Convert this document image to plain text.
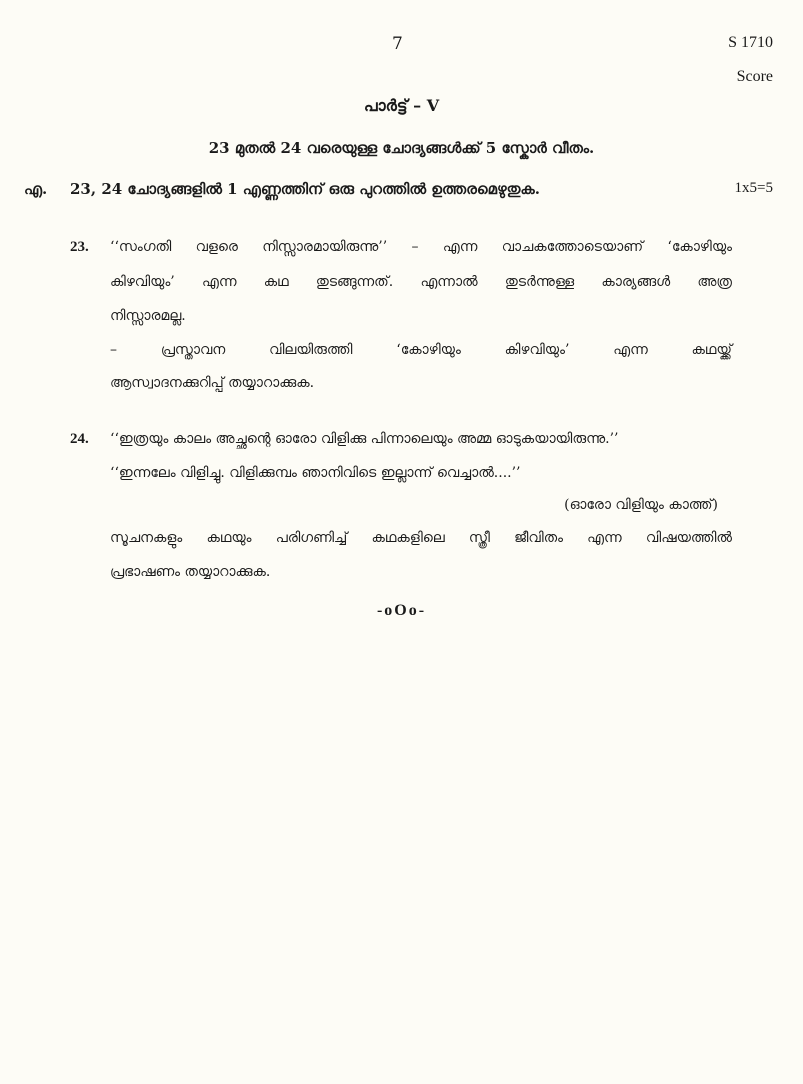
7	S 1710
Score
പാർട്ട് – V
23 മുതൽ 24 വരെയുള്ള ചോദ്യങ്ങൾക്ക് 5 സ്കോർ വീതം.
എ. 23, 24 ചോദ്യങ്ങളിൽ 1 എണ്ണത്തിന് ഒരു പുറത്തിൽ ഉത്തരമെഴുതുക.	1x5=5
23. ‘‘സംഗതി വളരെ നിസ്സാരമായിരുന്നു’’ – എന്ന വാചകത്തോടെയാണ് ‘കോഴിയും
കിഴവിയും’ എന്ന കഥ തുടങ്ങുന്നത്. എന്നാൽ തുടർന്നുള്ള കാര്യങ്ങൾ അത്ര
നിസ്സാരമല്ല.
– പ്രസ്താവന വിലയിരുത്തി ‘കോഴിയും കിഴവിയും’ എന്ന കഥയ്ക്ക്
ആസ്വാദനക്കുറിപ്പ് തയ്യാറാക്കുക.
24. ‘‘ഇത്രയും കാലം അച്ഛന്റെ ഓരോ വിളിക്കു പിന്നാലെയും അമ്മ ഓടുകയായിരുന്നു.’’
‘‘ഇന്നലേം വിളിച്ചു. വിളിക്കുമ്പം ഞാനിവിടെ ഇല്ലാന്ന് വെച്ചാൽ....’’
(ഓരോ വിളിയും കാത്ത്)
സൂചനകളും കഥയും പരിഗണിച്ച് കഥകളിലെ സ്ത്രീ ജീവിതം എന്ന വിഷയത്തിൽ
പ്രഭാഷണം തയ്യാറാക്കുക.
-oOo-
